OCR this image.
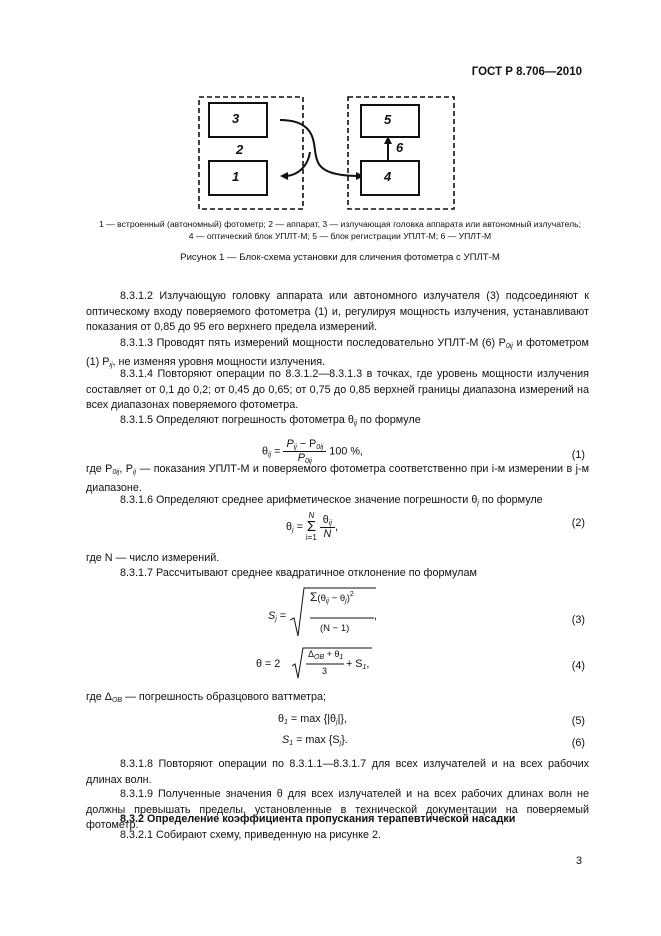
ГОСТ Р 8.706—2010
3
2
1
5
6
4
1 — встроенный (автономный) фотометр; 2 — аппарат, 3 — излучающая головка аппарата или автономный излучатель;
4 — оптический блок УПЛТ-М; 5 — блок регистрации УПЛТ-М; 6 — УПЛТ-М
Рисунок 1 — Блок-схема установки для сличения фотометра с УПЛТ-М
8.3.1.2 Излучающую головку аппарата или автономного излучателя (3) подсоединяют к оптическому входу поверяемого фотометра (1) и, регулируя мощность излучения, устанавливают показания от 0,85 до 95 его верхнего предела измерений.
8.3.1.3 Проводят пять измерений мощности последовательно УПЛТ-М (6) $P_{0ij}$ и фотометром (1) $P_{ij}$, не изменяя уровня мощности излучения.
8.3.1.4 Повторяют операции по 8.3.1.2—8.3.1.3 в точках, где уровень мощности излучения составляет от 0,1 до 0,2; от 0,45 до 0,65; от 0,75 до 0,85 верхней границы диапазона измерений на всех диапазонах поверяемого фотометра.
8.3.1.5 Определяют погрешность фотометра $\theta_{ij}$ по формуле
$\theta_{ij} = \frac{P_{ij} - P_{0ij}}{P_{0ij}} 100$ %,	(1)
где $P_{0ij}$, $P_{ij}$ — показания УПЛТ-М и поверяемого фотометра соответственно при i-м измерении в j-м диапазоне.
8.3.1.6 Определяют среднее арифметическое значение погрешности $\theta_j$ по формуле
$\theta_j = N$
Σ
$i=1 \frac{\theta_{ij}}{N}$ ,	(2)
где N — число измерений.
8.3.1.7 Рассчитывают среднее квадратичное отклонение по формулам
$S_j$ =
$\Sigma(\theta_{ij} - \theta_j)^2$
(N − 1)
,	(3)
θ = 2
$\Delta_{ОВ} + \theta_1$
3
+ $S_1$,	(4)
где $\Delta_{ОВ}$ — погрешность образцового ваттметра;
$\theta_1 = \max \{|\theta_j|\}$,	(5)
$S_1 = \max \{S_j\}$.	(6)
8.3.1.8 Повторяют операции по 8.3.1.1—8.3.1.7 для всех излучателей и на всех рабочих длинах волн.
8.3.1.9 Полученные значения θ для всех излучателей и на всех рабочих длинах волн не должны превышать пределы, установленные в технической документации на поверяемый фотометр.
8.3.2 Определение коэффициента пропускания терапевтической насадки
8.3.2.1 Собирают схему, приведенную на рисунке 2.
3
